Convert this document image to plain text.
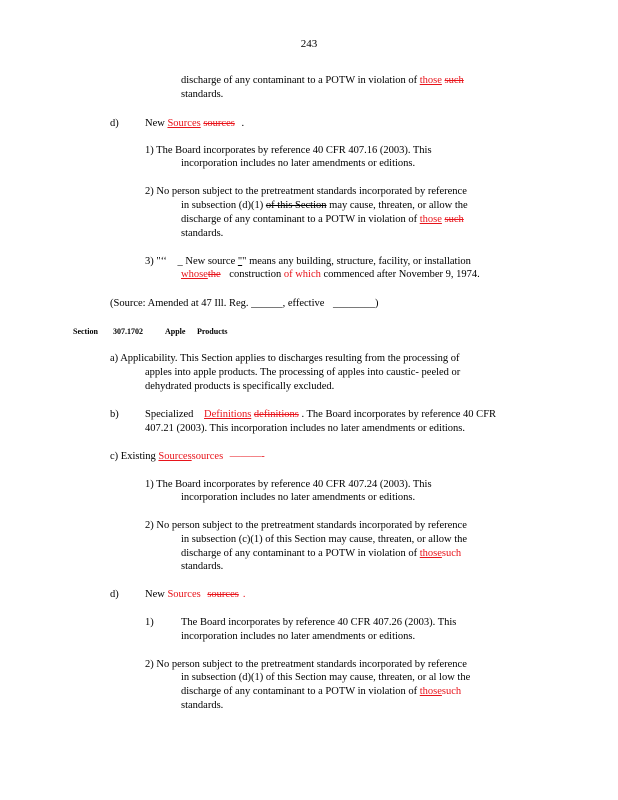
243
discharge of any contaminant to a POTW in violation of those such
standards.
d)	New Sources sources .
1) The Board incorporates by reference 40 CFR 407.16 (2003). This
incorporation includes no later amendments or editions.
2) No person subject to the pretreatment standards incorporated by reference
in subsection (d)(1) of this Section may cause, threaten, or allow the
discharge of any contaminant to a POTW in violation of those such
standards.
3) "‘‘ _ New source "" means any building, structure, facility, or installation
whosethe construction of which commenced after November 9, 1974.
(Source: Amended at 47 Ill. Reg. ______, effective ________)
Section 307.1702	Apple Products
a) Applicability. This Section applies to discharges resulting from the processing of
apples into apple products. The processing of apples into caustic- peeled or
dehydrated products is specifically excluded.
b)	Specialized Definitions definitions . The Board incorporates by reference 40 CFR
407.21 (2003). This incorporation includes no later amendments or editions.
c) Existing Sourcessources ———-
1) The Board incorporates by reference 40 CFR 407.24 (2003). This
incorporation includes no later amendments or editions.
2) No person subject to the pretreatment standards incorporated by reference
in subsection (c)(1) of this Section may cause, threaten, or allow the
discharge of any contaminant to a POTW in violation of thosesuch
standards.
d)	New Sources sources .
1)	The Board incorporates by reference 40 CFR 407.26 (2003). This
incorporation includes no later amendments or editions.
2) No person subject to the pretreatment standards incorporated by reference
in subsection (d)(1) of this Section may cause, threaten, or al low the
discharge of any contaminant to a POTW in violation of thosesuch
standards.
